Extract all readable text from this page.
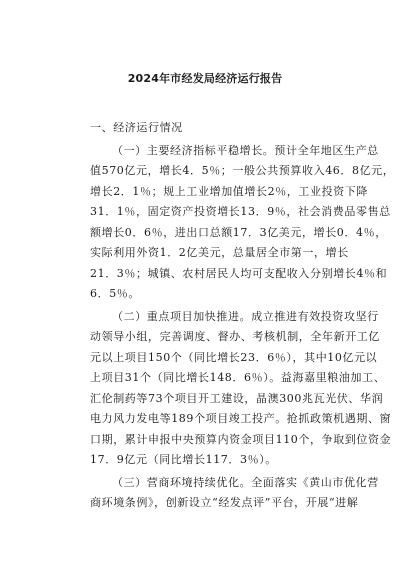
2024年市经发局经济运行报告
一、经济运行情况
（一）主要经济指标平稳增长。预计全年地区生产总
值570亿元，增长4．5％；一般公共预算收入46．8亿元，
增长2．1％；规上工业增加值增长2％，工业投资下降
31．1％，固定资产投资增长13．9％，社会消费品零售总
额增长0．6％，进出口总额17．3亿美元，增长0．4％，
实际利用外资1．2亿美元，总量居全市第一，增长
21．3％；城镇、农村居民人均可支配收入分别增长4％和
6．5％。
（二）重点项目加快推进。成立推进有效投资攻坚行
动领导小组，完善调度、督办、考核机制，全年新开工亿
元以上项目150个（同比增长23．6％），其中10亿元以
上项目31个（同比增长148．6％）。益海嘉里粮油加工、
汇伦制药等73个项目开工建设，晶澳300兆瓦光伏、华润
电力风力发电等189个项目竣工投产。抢抓政策机遇期、窗
口期，累计申报中央预算内资金项目110个，争取到位资金
17．9亿元（同比增长117．3％）。
（三）营商环境持续优化。全面落实《黄山市优化营
商环境条例》，创新设立“经发点评”平台，开展“进解
